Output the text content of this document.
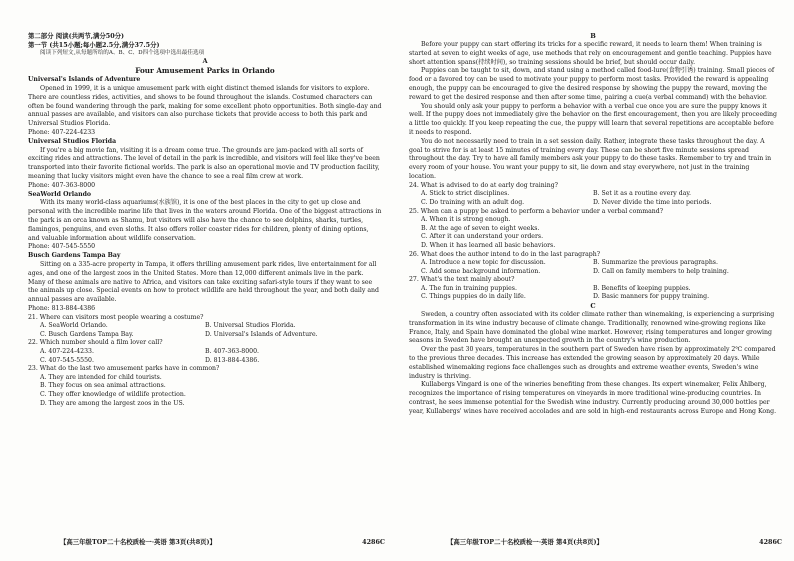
第二部分 阅读(共两节,满分50分)

第一节 (共15小题;每小题2.5分,满分37.5分)

阅读下列短文,从每题所给的A、B、C、D四个选项中选出最佳选项

A

Four Amusement Parks in Orlando

Universal's Islands of Adventure

Opened in 1999, it is a unique amusement park with eight distinct themed islands for visitors to explore. There are countless rides, activities, and shows to be found throughout the islands. Costumed characters can often be found wandering through the park, making for some excellent photo opportunities. Both single-day and annual passes are available, and visitors can also purchase tickets that provide access to both this park and Universal Studios Florida.

Phone: 407-224-4233

Universal Studios Florida

If you're a big movie fan, visiting it is a dream come true. The grounds are jam-packed with all sorts of exciting rides and attractions. The level of detail in the park is incredible, and visitors will feel like they've been transported into their favorite fictional worlds. The park is also an operational movie and TV production facility, meaning that lucky visitors might even have the chance to see a real film crew at work.

Phone: 407-363-8000

SeaWorld Orlando

With its many world-class aquariums(水族馆), it is one of the best places in the city to get up close and personal with the incredible marine life that lives in the waters around Florida. One of the biggest attractions in the park is an orca known as Shamu, but visitors will also have the chance to see dolphins, sharks, turtles, flamingos, penguins, and even sloths. It also offers roller coaster rides for children, plenty of dining options, and valuable information about wildlife conservation.

Phone: 407-545-5550

Busch Gardens Tampa Bay

Sitting on a 335-acre property in Tampa, it offers thrilling amusement park rides, live entertainment for all ages, and one of the largest zoos in the United States. More than 12,000 different animals live in the park. Many of these animals are native to Africa, and visitors can take exciting safari-style tours if they want to see the animals up close. Special events on how to protect wildlife are held throughout the year, and both daily and annual passes are available.

Phone: 813-884-4386

21. Where can visitors most people wearing a costume?

A. SeaWorld Orlando.	B. Universal Studios Florida.
C. Busch Gardens Tampa Bay.	D. Universal's Islands of Adventure.

22. Which number should a film lover call?

A. 407-224-4233.	B. 407-363-8000.
C. 407-545-5550.	D. 813-884-4386.

23. What do the last two amusement parks have in common?

A. They are intended for child tourists.

B. They focus on sea animal attractions.

C. They offer knowledge of wildlife protection.

D. They are among the largest zoos in the US.

【高三年级TOP二十名校质检一·英语 第3页(共8页)】	4286C

B

Before your puppy can start offering its tricks for a specific reward, it needs to learn them! When training is started at seven to eight weeks of age, use methods that rely on encouragement and gentle teaching. Puppies have short attention spans(持续时间), so training sessions should be brief, but should occur daily.

Puppies can be taught to sit, down, and stand using a method called food-lure(食物引诱) training. Small pieces of food or a favored toy can be used to motivate your puppy to perform most tasks. Provided the reward is appealing enough, the puppy can be encouraged to give the desired response by showing the puppy the reward, moving the reward to get the desired response and then after some time, pairing a cue(a verbal command) with the behavior.

You should only ask your puppy to perform a behavior with a verbal cue once you are sure the puppy knows it well. If the puppy does not immediately give the behavior on the first encouragement, then you are likely proceeding a little too quickly. If you keep repeating the cue, the puppy will learn that several repetitions are acceptable before it needs to respond.

You do not necessarily need to train in a set session daily. Rather, integrate these tasks throughout the day. A goal to strive for is at least 15 minutes of training every day. These can be short five minute sessions spread throughout the day. Try to have all family members ask your puppy to do these tasks. Remember to try and train in every room of your house. You want your puppy to sit, lie down and stay everywhere, not just in the training location.

24. What is advised to do at early dog training?

A. Stick to strict disciplines.	B. Set it as a routine every day.
C. Do training with an adult dog.	D. Never divide the time into periods.

25. When can a puppy be asked to perform a behavior under a verbal command?

A. When it is strong enough.

B. At the age of seven to eight weeks.

C. After it can understand your orders.

D. When it has learned all basic behaviors.

26. What does the author intend to do in the last paragraph?

A. Introduce a new topic for discussion.	B. Summarize the previous paragraphs.
C. Add some background information.	D. Call on family members to help training.

27. What's the text mainly about?

A. The fun in training puppies.	B. Benefits of keeping puppies.
C. Things puppies do in daily life.	D. Basic manners for puppy training.

C

Sweden, a country often associated with its colder climate rather than winemaking, is experiencing a surprising transformation in its wine industry because of climate change. Traditionally, renowned wine-growing regions like France, Italy, and Spain have dominated the global wine market. However, rising temperatures and longer growing seasons in Sweden have brought an unexpected growth in the country's wine production.

Over the past 30 years, temperatures in the southern part of Sweden have risen by approximately 2℃ compared to the previous three decades. This increase has extended the growing season by approximately 20 days. While established winemaking regions face challenges such as droughts and extreme weather events, Sweden's wine industry is thriving.

Kullabergs Vingard is one of the wineries benefiting from these changes. Its expert winemaker, Felix Åhlberg, recognizes the importance of rising temperatures on vineyards in more traditional wine-producing countries. In contrast, he sees immense potential for the Swedish wine industry. Currently producing around 30,000 bottles per year, Kullabergs' wines have received accolades and are sold in high-end restaurants across Europe and Hong Kong.

【高三年级TOP二十名校质检一·英语 第4页(共8页)】	4286C
